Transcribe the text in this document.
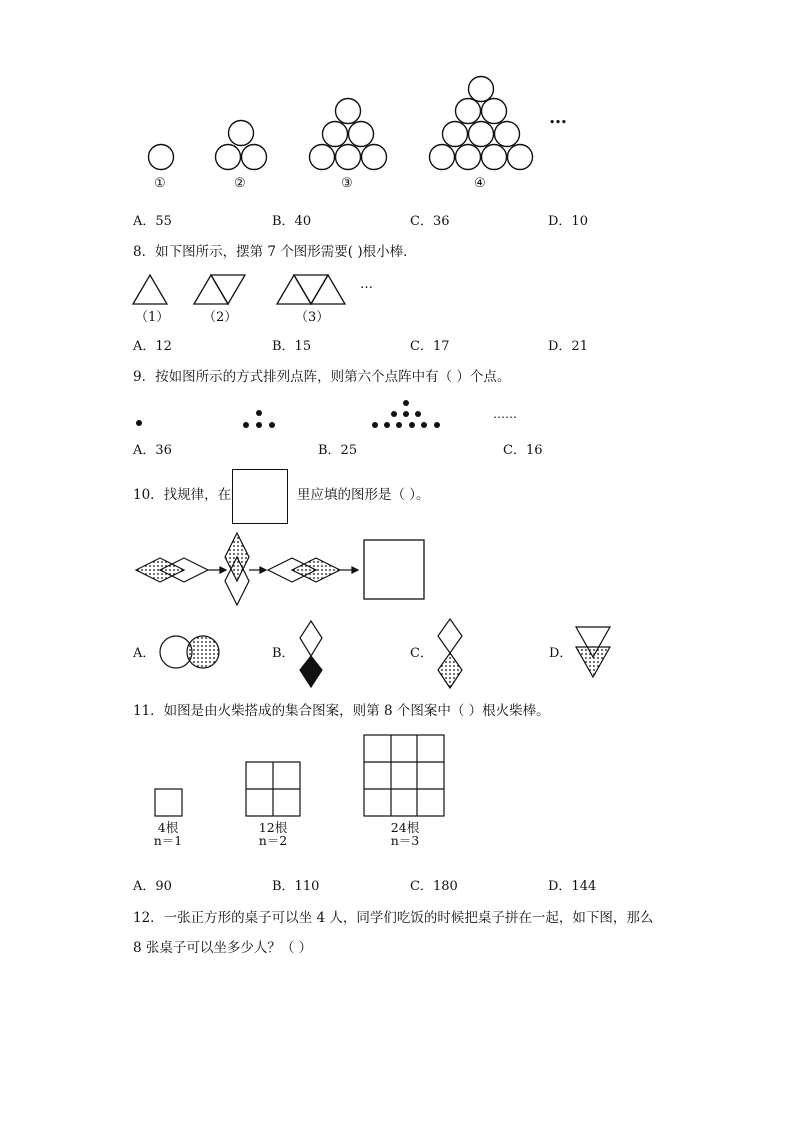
①	②	③	④
…
A．55	B．40	C．36	D．10
8．如下图所示，摆第 7 个图形需要( )根小棒．
（1）	（2）	（3）
…
A．12	B．15	C．17	D．21
9．按如图所示的方式排列点阵，则第六个点阵中有（ ）个点。
……
A．36	B．25	C．16
10．找规律，在	里应填的图形是（ ）。
A．	B．	C．	D．
11．如图是由火柴搭成的集合图案，则第 8 个图案中（ ）根火柴棒。
4根
n＝1
12根
n＝2
24根
n＝3
A．90	B．110	C．180	D．144
12．一张正方形的桌子可以坐 4 人，同学们吃饭的时候把桌子拼在一起，如下图，那么
8 张桌子可以坐多少人？（ ）
